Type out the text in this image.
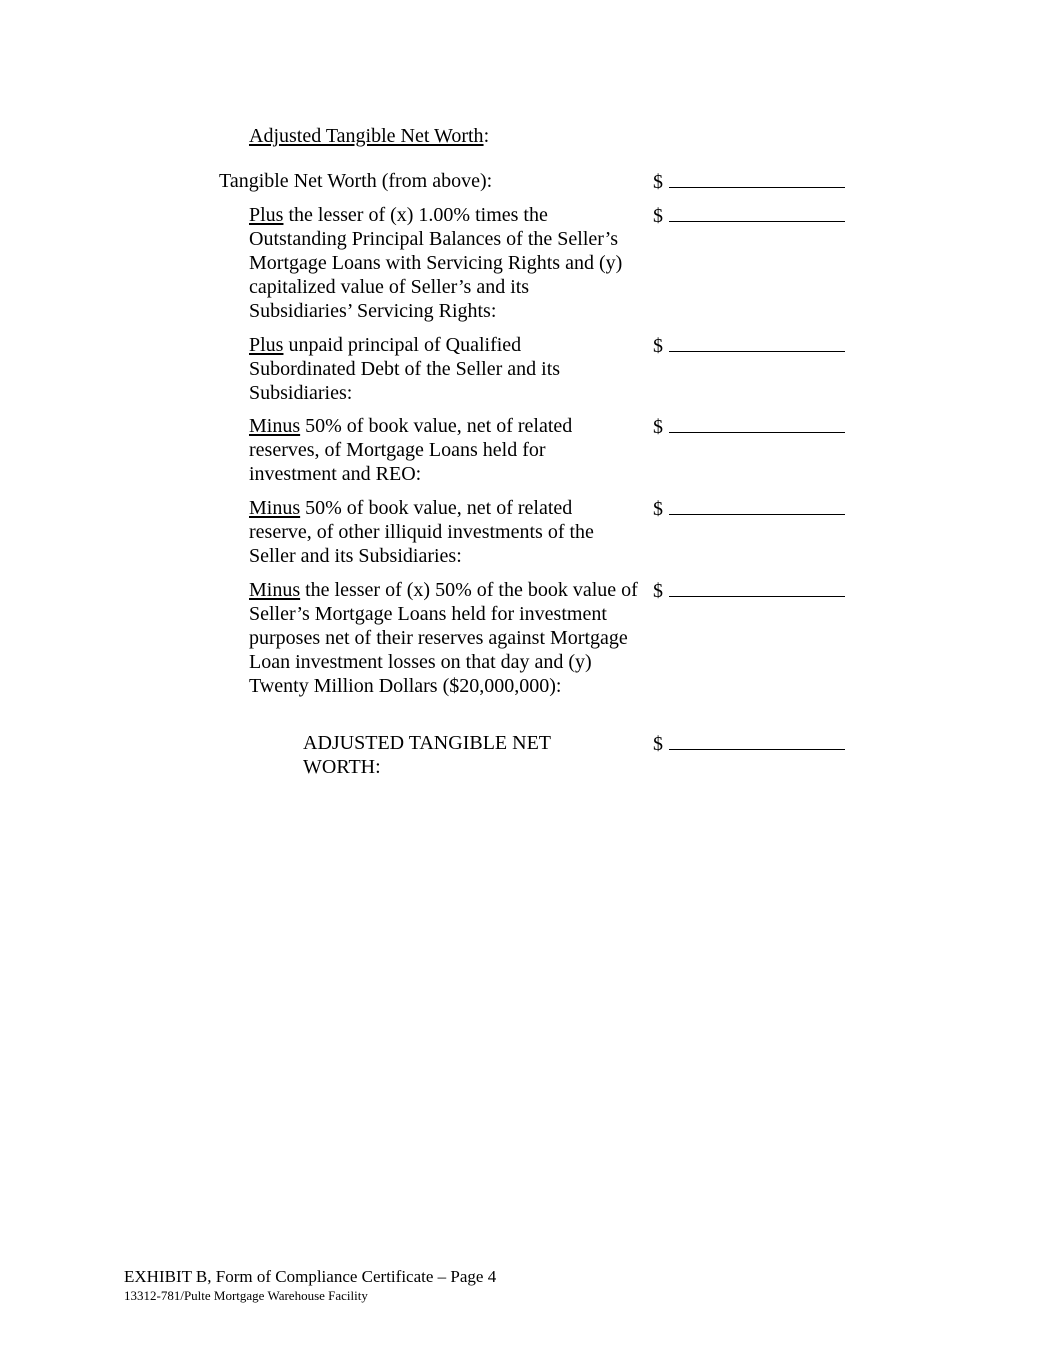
Adjusted Tangible Net Worth:
Tangible Net Worth (from above):	$
Plus the lesser of (x) 1.00% times the Outstanding Principal Balances of the Seller’s Mortgage Loans with Servicing Rights and (y) capitalized value of Seller’s and its Subsidiaries’ Servicing Rights:
$
Plus unpaid principal of Qualified Subordinated Debt of the Seller and its Subsidiaries:
$
Minus 50% of book value, net of related reserves, of Mortgage Loans held for investment and REO:
$
Minus 50% of book value, net of related reserve, of other illiquid investments of the Seller and its Subsidiaries:
$
Minus the lesser of (x) 50% of the book value of Seller’s Mortgage Loans held for investment purposes net of their reserves against Mortgage Loan investment losses on that day and (y) Twenty Million Dollars ($20,000,000):
$
ADJUSTED TANGIBLE NET WORTH:
$
EXHIBIT B, Form of Compliance Certificate – Page 4
13312-781/Pulte Mortgage Warehouse Facility
